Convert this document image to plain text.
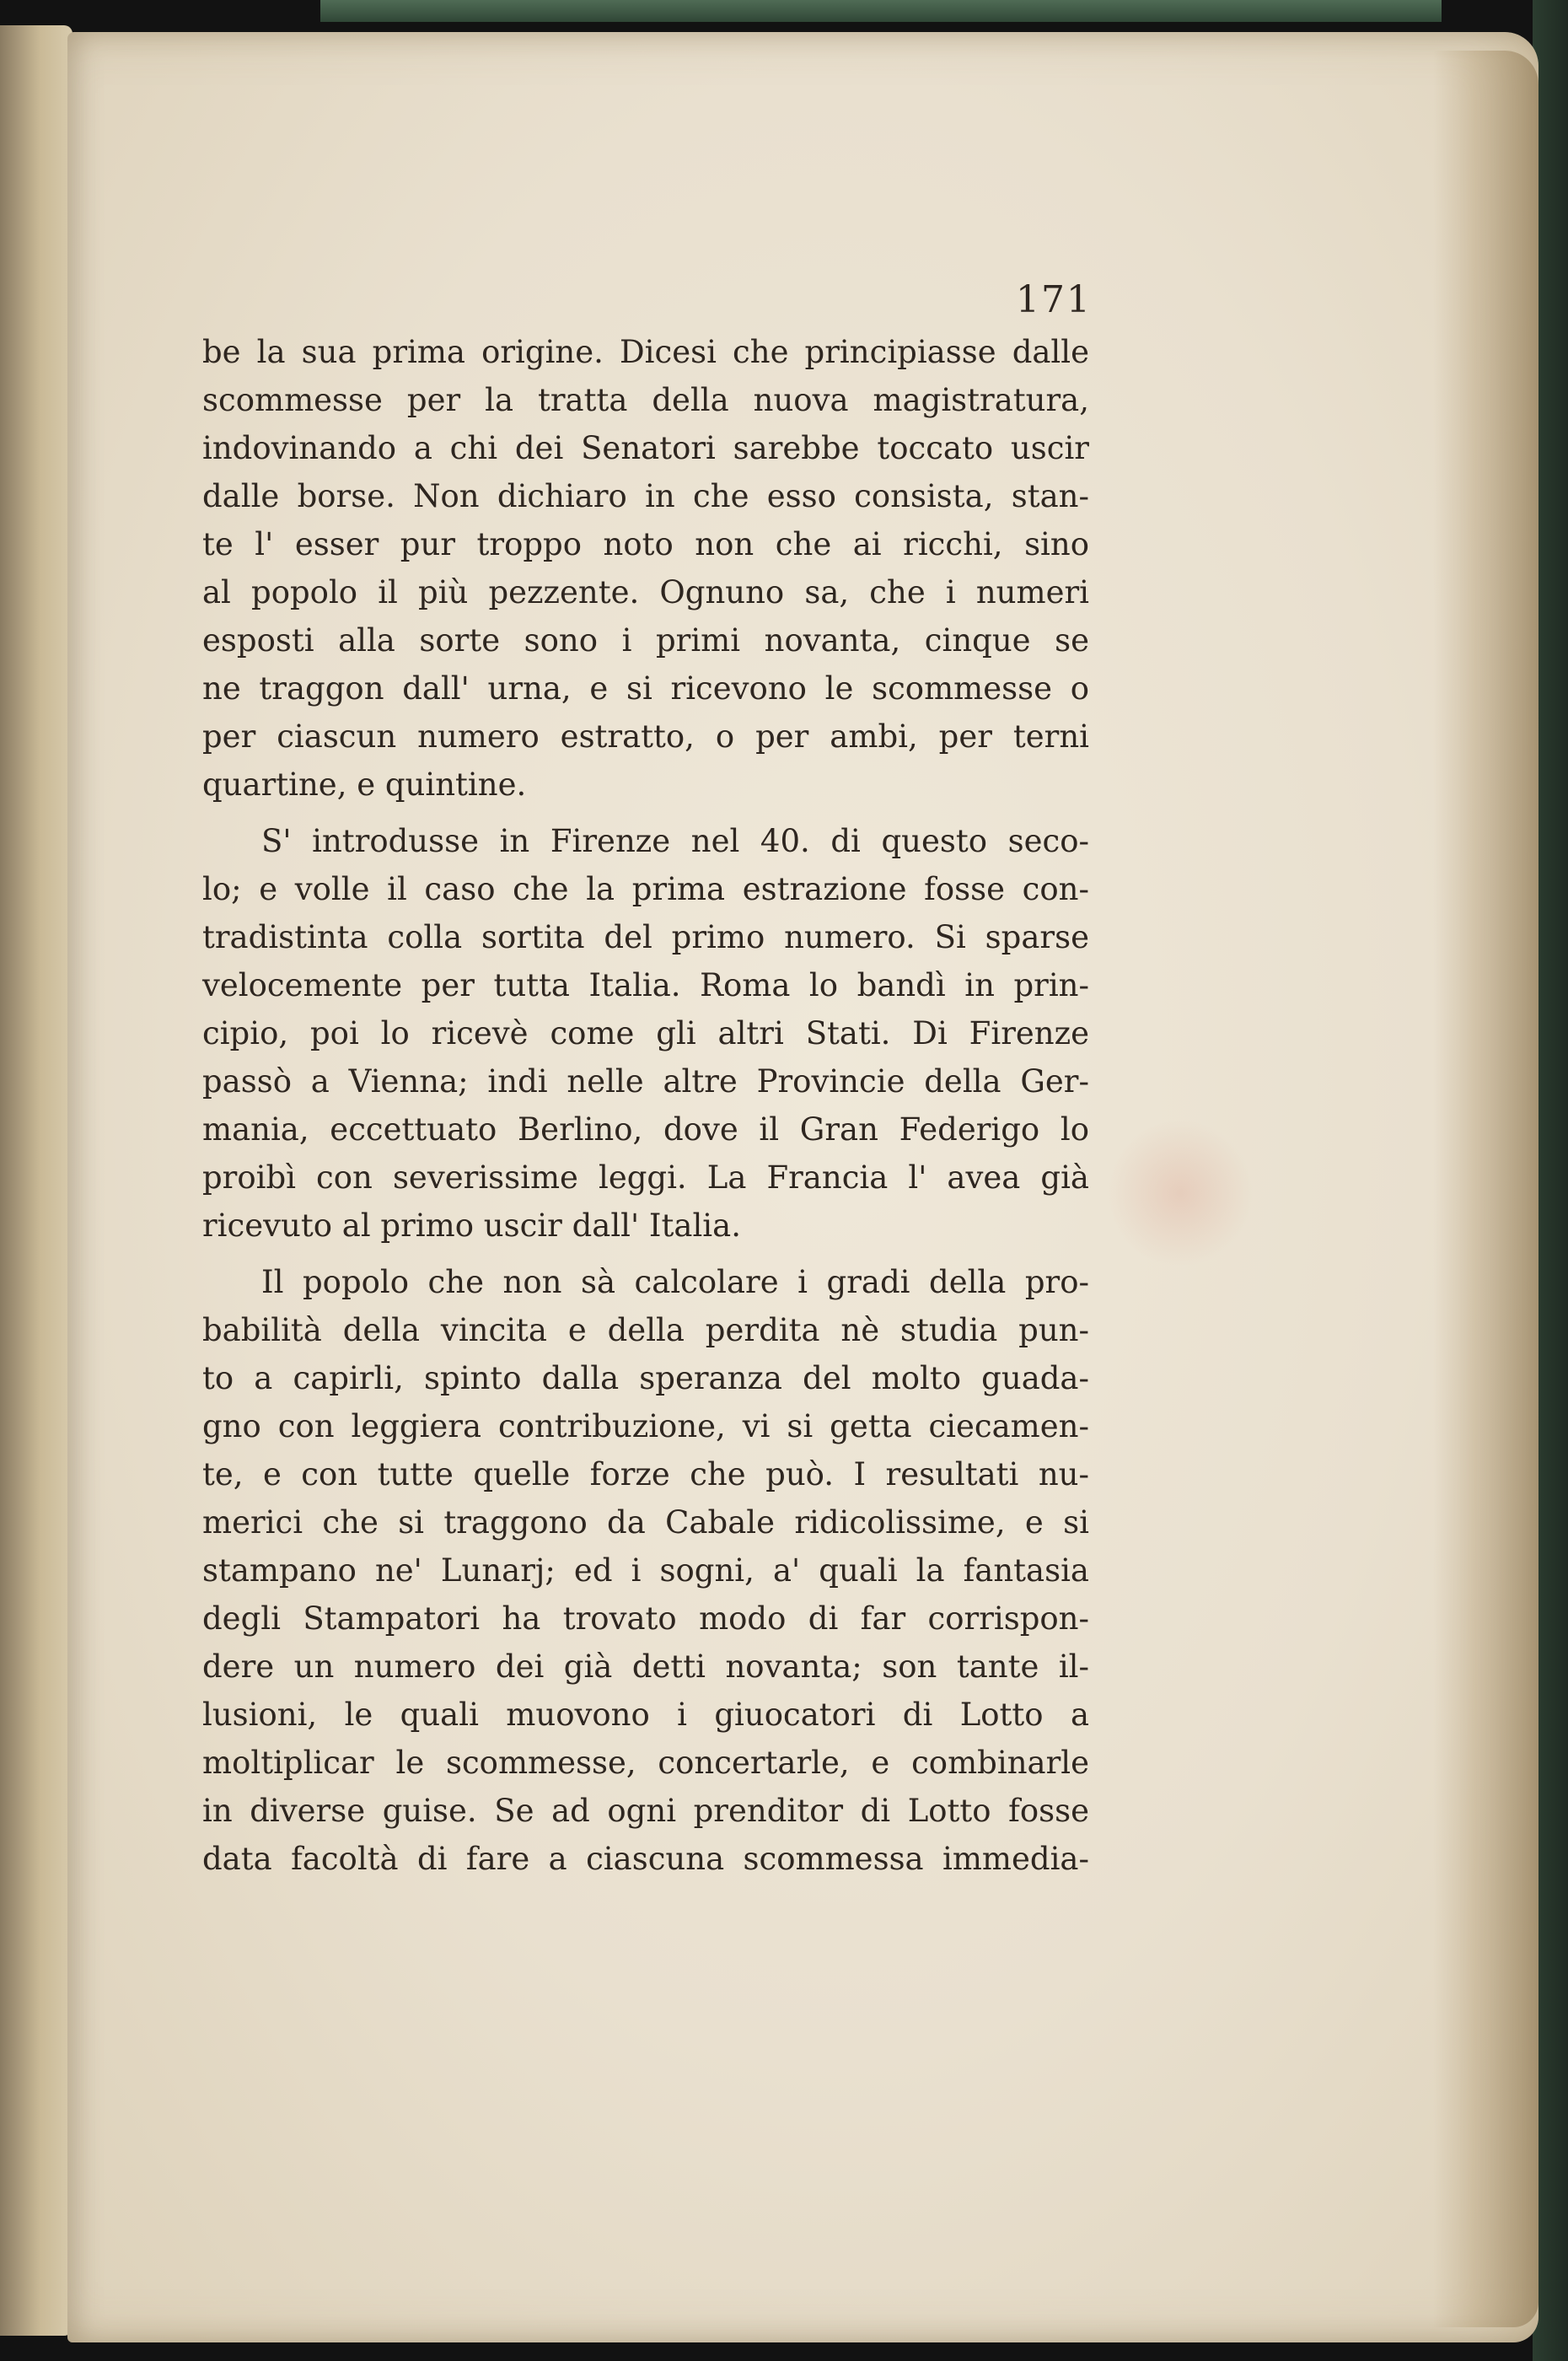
171
be la sua prima origine. Dicesi che principiasse dalle
scommesse per la tratta della nuova magistratura,
indovinando a chi dei Senatori sarebbe toccato uscir
dalle borse. Non dichiaro in che esso consista, stan-
te l' esser pur troppo noto non che ai ricchi, sino
al popolo il più pezzente. Ognuno sa, che i numeri
esposti alla sorte sono i primi novanta, cinque se
ne traggon dall' urna, e si ricevono le scommesse o
per ciascun numero estratto, o per ambi, per terni
quartine, e quintine.
S' introdusse in Firenze nel 40. di questo seco-
lo; e volle il caso che la prima estrazione fosse con-
tradistinta colla sortita del primo numero. Si sparse
velocemente per tutta Italia. Roma lo bandì in prin-
cipio, poi lo ricevè come gli altri Stati. Di Firenze
passò a Vienna; indi nelle altre Provincie della Ger-
mania, eccettuato Berlino, dove il Gran Federigo lo
proibì con severissime leggi. La Francia l' avea già
ricevuto al primo uscir dall' Italia.
Il popolo che non sà calcolare i gradi della pro-
babilità della vincita e della perdita nè studia pun-
to a capirli, spinto dalla speranza del molto guada-
gno con leggiera contribuzione, vi si getta ciecamen-
te, e con tutte quelle forze che può. I resultati nu-
merici che si traggono da Cabale ridicolissime, e si
stampano ne' Lunarj; ed i sogni, a' quali la fantasia
degli Stampatori ha trovato modo di far corrispon-
dere un numero dei già detti novanta; son tante il-
lusioni, le quali muovono i giuocatori di Lotto a
moltiplicar le scommesse, concertarle, e combinarle
in diverse guise. Se ad ogni prenditor di Lotto fosse
data facoltà di fare a ciascuna scommessa immedia-
